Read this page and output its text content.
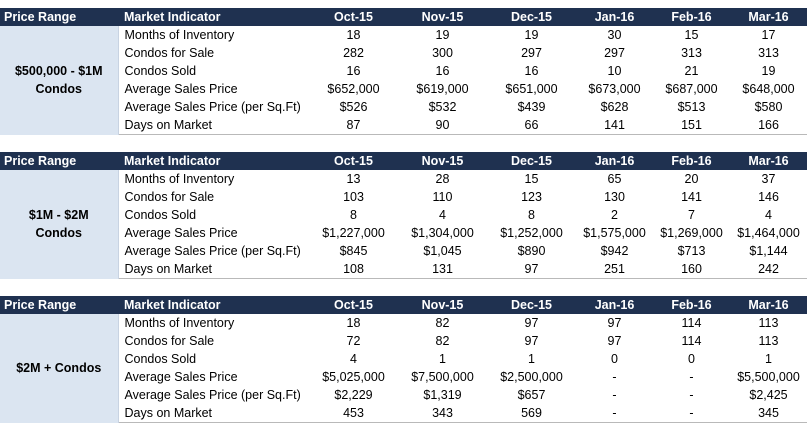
Price Range	Market Indicator	Oct-15	Nov-15	Dec-15	Jan-16	Feb-16	Mar-16
$500,000 - $1M Condos	Months of Inventory	18	19	19	30	15	17
	Condos for Sale	282	300	297	297	313	313
	Condos Sold	16	16	16	10	21	19
	Average Sales Price	$652,000	$619,000	$651,000	$673,000	$687,000	$648,000
	Average Sales Price (per Sq.Ft)	$526	$532	$439	$628	$513	$580
	Days on Market	87	90	66	141	151	166
Price Range	Market Indicator	Oct-15	Nov-15	Dec-15	Jan-16	Feb-16	Mar-16
$1M - $2M Condos	Months of Inventory	13	28	15	65	20	37
	Condos for Sale	103	110	123	130	141	146
	Condos Sold	8	4	8	2	7	4
	Average Sales Price	$1,227,000	$1,304,000	$1,252,000	$1,575,000	$1,269,000	$1,464,000
	Average Sales Price (per Sq.Ft)	$845	$1,045	$890	$942	$713	$1,144
	Days on Market	108	131	97	251	160	242
Price Range	Market Indicator	Oct-15	Nov-15	Dec-15	Jan-16	Feb-16	Mar-16
$2M + Condos	Months of Inventory	18	82	97	97	114	113
	Condos for Sale	72	82	97	97	114	113
	Condos Sold	4	1	1	0	0	1
	Average Sales Price	$5,025,000	$7,500,000	$2,500,000	-	-	$5,500,000
	Average Sales Price (per Sq.Ft)	$2,229	$1,319	$657	-	-	$2,425
	Days on Market	453	343	569	-	-	345
